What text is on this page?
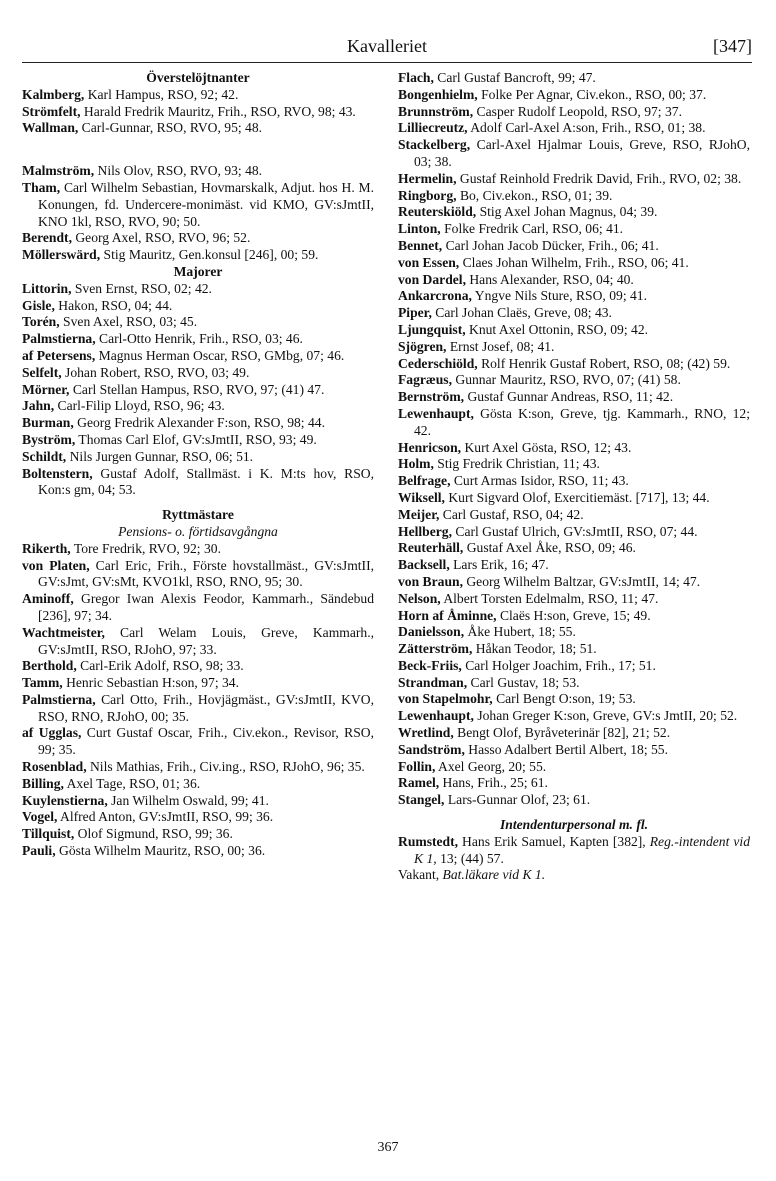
Kavalleriet	[347]

Överstelöjtnanter

Kalmberg, Karl Hampus, RSO, 92; 42.

Strömfelt, Harald Fredrik Mauritz, Frih., RSO, RVO, 98; 43.

Wallman, Carl-Gunnar, RSO, RVO, 95; 48.

Malmström, Nils Olov, RSO, RVO, 93; 48.

Tham, Carl Wilhelm Sebastian, Hovmarskalk, Adjut. hos H. M. Konungen, fd. Undercere-monimäst. vid KMO, GV:sJmtII, KNO 1kl, RSO, RVO, 90; 50.

Berendt, Georg Axel, RSO, RVO, 96; 52.

Möllerswärd, Stig Mauritz, Gen.konsul [246], 00; 59.

Majorer

Littorin, Sven Ernst, RSO, 02; 42.

Gisle, Hakon, RSO, 04; 44.

Torén, Sven Axel, RSO, 03; 45.

Palmstierna, Carl-Otto Henrik, Frih., RSO, 03; 46.

af Petersens, Magnus Herman Oscar, RSO, GMbg, 07; 46.

Selfelt, Johan Robert, RSO, RVO, 03; 49.

Mörner, Carl Stellan Hampus, RSO, RVO, 97; (41) 47.

Jahn, Carl-Filip Lloyd, RSO, 96; 43.

Burman, Georg Fredrik Alexander F:son, RSO, 98; 44.

Byström, Thomas Carl Elof, GV:sJmtII, RSO, 93; 49.

Schildt, Nils Jurgen Gunnar, RSO, 06; 51.

Boltenstern, Gustaf Adolf, Stallmäst. i K. M:ts hov, RSO, Kon:s gm, 04; 53.

Ryttmästare

Pensions- o. förtidsavgångna

Rikerth, Tore Fredrik, RVO, 92; 30.

von Platen, Carl Eric, Frih., Förste hovstallmäst., GV:sJmtII, GV:sJmt, GV:sMt, KVO1kl, RSO, RNO, 95; 30.

Aminoff, Gregor Iwan Alexis Feodor, Kammarh., Sändebud [236], 97; 34.

Wachtmeister, Carl Welam Louis, Greve, Kammarh., GV:sJmtII, RSO, RJohO, 97; 33.

Berthold, Carl-Erik Adolf, RSO, 98; 33.

Tamm, Henric Sebastian H:son, 97; 34.

Palmstierna, Carl Otto, Frih., Hovjägmäst., GV:sJmtII, KVO, RSO, RNO, RJohO, 00; 35.

af Ugglas, Curt Gustaf Oscar, Frih., Civ.ekon., Revisor, RSO, 99; 35.

Rosenblad, Nils Mathias, Frih., Civ.ing., RSO, RJohO, 96; 35.

Billing, Axel Tage, RSO, 01; 36.

Kuylenstierna, Jan Wilhelm Oswald, 99; 41.

Vogel, Alfred Anton, GV:sJmtII, RSO, 99; 36.

Tillquist, Olof Sigmund, RSO, 99; 36.

Pauli, Gösta Wilhelm Mauritz, RSO, 00; 36.

Flach, Carl Gustaf Bancroft, 99; 47.

Bongenhielm, Folke Per Agnar, Civ.ekon., RSO, 00; 37.

Brunnström, Casper Rudolf Leopold, RSO, 97; 37.

Lilliecreutz, Adolf Carl-Axel A:son, Frih., RSO, 01; 38.

Stackelberg, Carl-Axel Hjalmar Louis, Greve, RSO, RJohO, 03; 38.

Hermelin, Gustaf Reinhold Fredrik David, Frih., RVO, 02; 38.

Ringborg, Bo, Civ.ekon., RSO, 01; 39.

Reuterskiöld, Stig Axel Johan Magnus, 04; 39.

Linton, Folke Fredrik Carl, RSO, 06; 41.

Bennet, Carl Johan Jacob Dücker, Frih., 06; 41.

von Essen, Claes Johan Wilhelm, Frih., RSO, 06; 41.

von Dardel, Hans Alexander, RSO, 04; 40.

Ankarcrona, Yngve Nils Sture, RSO, 09; 41.

Piper, Carl Johan Claës, Greve, 08; 43.

Ljungquist, Knut Axel Ottonin, RSO, 09; 42.

Sjögren, Ernst Josef, 08; 41.

Cederschiöld, Rolf Henrik Gustaf Robert, RSO, 08; (42) 59.

Fagræus, Gunnar Mauritz, RSO, RVO, 07; (41) 58.

Bernström, Gustaf Gunnar Andreas, RSO, 11; 42.

Lewenhaupt, Gösta K:son, Greve, tjg. Kammarh., RNO, 12; 42.

Henricson, Kurt Axel Gösta, RSO, 12; 43.

Holm, Stig Fredrik Christian, 11; 43.

Belfrage, Curt Armas Isidor, RSO, 11; 43.

Wiksell, Kurt Sigvard Olof, Exercitiemäst. [717], 13; 44.

Meijer, Carl Gustaf, RSO, 04; 42.

Hellberg, Carl Gustaf Ulrich, GV:sJmtII, RSO, 07; 44.

Reuterhäll, Gustaf Axel Åke, RSO, 09; 46.

Backsell, Lars Erik, 16; 47.

von Braun, Georg Wilhelm Baltzar, GV:sJmtII, 14; 47.

Nelson, Albert Torsten Edelmalm, RSO, 11; 47.

Horn af Åminne, Claës H:son, Greve, 15; 49.

Danielsson, Åke Hubert, 18; 55.

Zätterström, Håkan Teodor, 18; 51.

Beck-Friis, Carl Holger Joachim, Frih., 17; 51.

Strandman, Carl Gustav, 18; 53.

von Stapelmohr, Carl Bengt O:son, 19; 53.

Lewenhaupt, Johan Greger K:son, Greve, GV:s JmtII, 20; 52.

Wretlind, Bengt Olof, Byråveterinär [82], 21; 52.

Sandström, Hasso Adalbert Bertil Albert, 18; 55.

Follin, Axel Georg, 20; 55.

Ramel, Hans, Frih., 25; 61.

Stangel, Lars-Gunnar Olof, 23; 61.

Intendenturpersonal m. fl.

Rumstedt, Hans Erik Samuel, Kapten [382], Reg.-intendent vid K 1, 13; (44) 57.

Vakant, Bat.läkare vid K 1.

367
